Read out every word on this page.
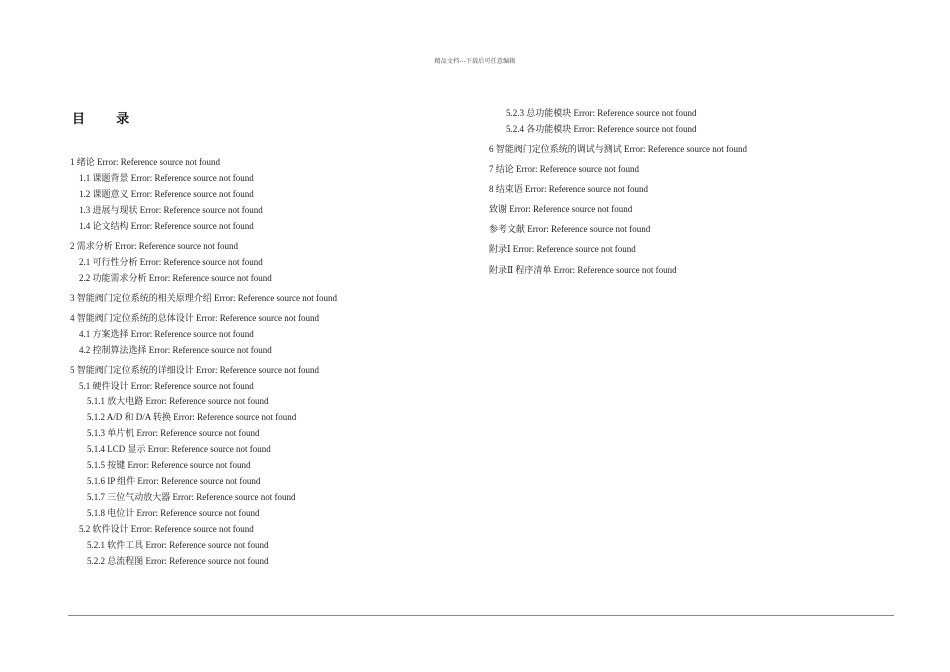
精品文档---下载后可任意编辑
目 录
1 绪论 Error: Reference source not found
1.1 课题背景 Error: Reference source not found
1.2 课题意义 Error: Reference source not found
1.3 进展与现状 Error: Reference source not found
1.4 论文结构 Error: Reference source not found
2 需求分析 Error: Reference source not found
2.1 可行性分析 Error: Reference source not found
2.2 功能需求分析 Error: Reference source not found
3 智能阀门定位系统的相关原理介绍 Error: Reference source not found
4 智能阀门定位系统的总体设计 Error: Reference source not found
4.1 方案选择 Error: Reference source not found
4.2 控制算法选择 Error: Reference source not found
5 智能阀门定位系统的详细设计 Error: Reference source not found
5.1 硬件设计 Error: Reference source not found
5.1.1 放大电路 Error: Reference source not found
5.1.2 A/D 和 D/A 转换 Error: Reference source not found
5.1.3 单片机 Error: Reference source not found
5.1.4 LCD 显示 Error: Reference source not found
5.1.5 按键 Error: Reference source not found
5.1.6 IP 组件 Error: Reference source not found
5.1.7 三位气动放大器 Error: Reference source not found
5.1.8 电位计 Error: Reference source not found
5.2 软件设计 Error: Reference source not found
5.2.1 软件工具 Error: Reference source not found
5.2.2 总流程图 Error: Reference source not found
5.2.3 总功能模块 Error: Reference source not found
5.2.4 各功能模块 Error: Reference source not found
6 智能阀门定位系统的调试与测试 Error: Reference source not found
7 结论 Error: Reference source not found
8 结束语 Error: Reference source not found
致谢 Error: Reference source not found
参考文献 Error: Reference source not found
附录Ⅰ Error: Reference source not found
附录Ⅱ 程序清单 Error: Reference source not found
